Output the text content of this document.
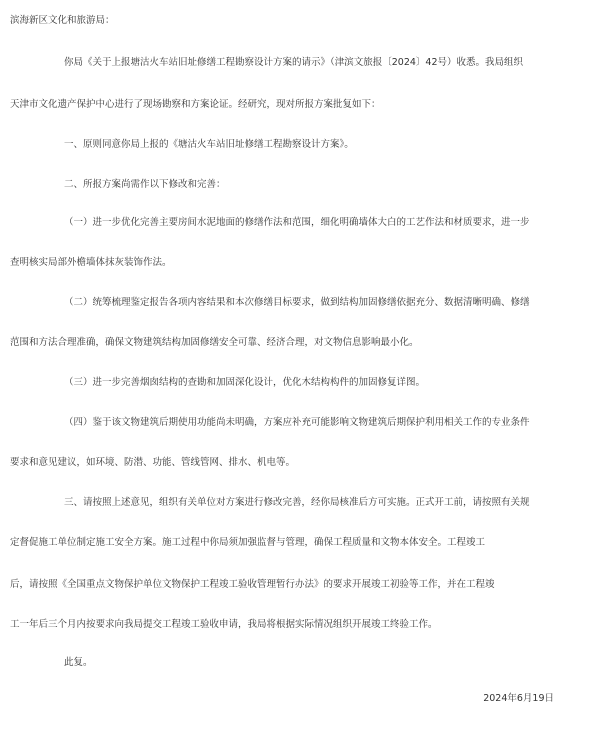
滨海新区文化和旅游局：
你局《关于上报塘沽火车站旧址修缮工程勘察设计方案的请示》（津滨文旅报〔2024〕42号）收悉。我局组织
天津市文化遗产保护中心进行了现场勘察和方案论证。经研究，现对所报方案批复如下：
一、原则同意你局上报的《塘沽火车站旧址修缮工程勘察设计方案》。
二、所报方案尚需作以下修改和完善：
（一）进一步优化完善主要房间水泥地面的修缮作法和范围，细化明确墙体大白的工艺作法和材质要求，进一步
查明核实局部外檐墙体抹灰装饰作法。
（二）统筹梳理鉴定报告各项内容结果和本次修缮目标要求，做到结构加固修缮依据充分、数据清晰明确、修缮
范围和方法合理准确，确保文物建筑结构加固修缮安全可靠、经济合理，对文物信息影响最小化。
（三）进一步完善烟囱结构的查勘和加固深化设计，优化木结构构件的加固修复详图。
（四）鉴于该文物建筑后期使用功能尚未明确，方案应补充可能影响文物建筑后期保护利用相关工作的专业条件
要求和意见建议，如环境、防潜、功能、管线管网、排水、机电等。
三、请按照上述意见，组织有关单位对方案进行修改完善，经你局核准后方可实施。正式开工前，请按照有关规
定督促施工单位制定施工安全方案。施工过程中你局须加强监督与管理，确保工程质量和文物本体安全。工程竣工
后，请按照《全国重点文物保护单位文物保护工程竣工验收管理暂行办法》的要求开展竣工初验等工作，并在工程竣
工一年后三个月内按要求向我局提交工程竣工验收申请，我局将根据实际情况组织开展竣工终验工作。
此复。
2024年6月19日
